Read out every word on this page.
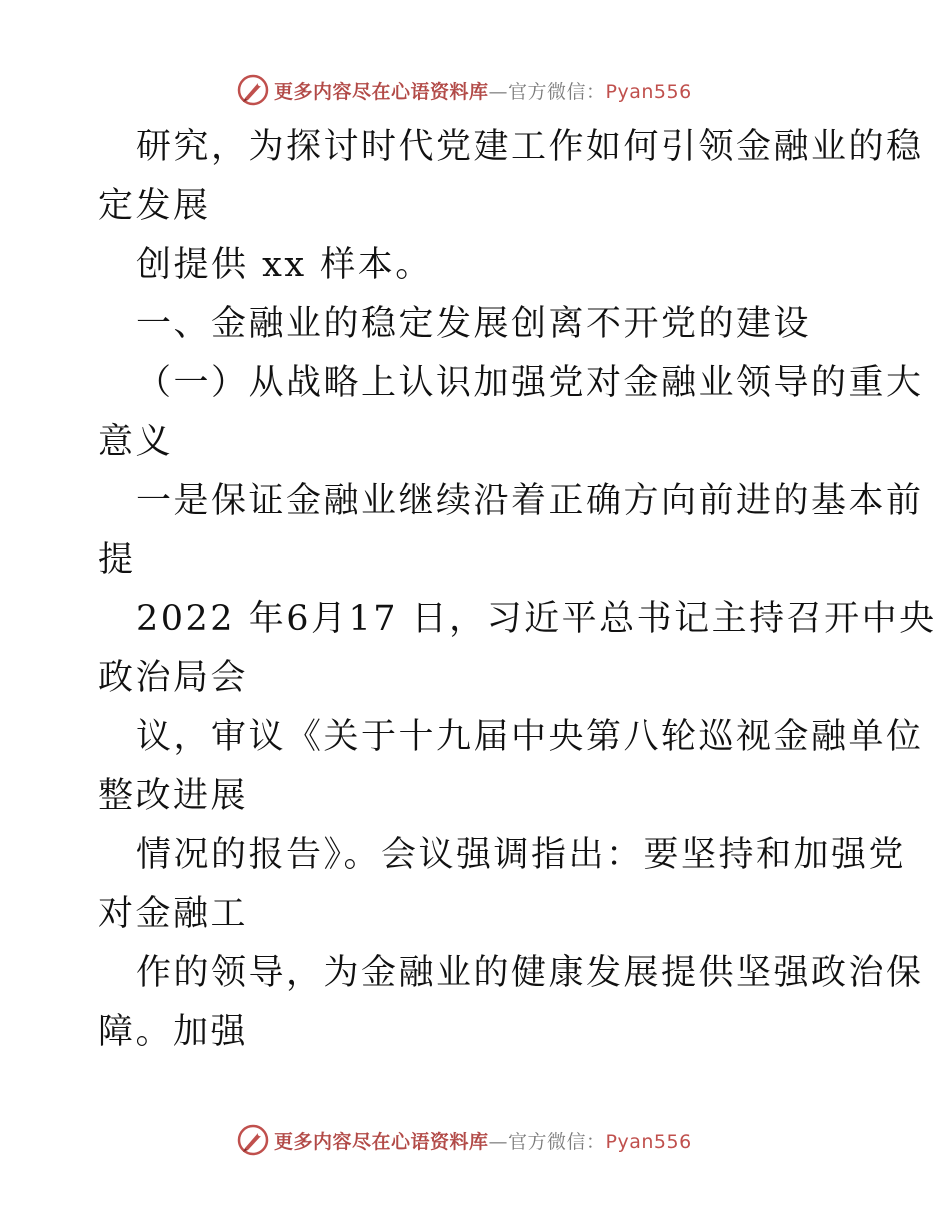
更多内容尽在心语资料库—官方微信：Pyan556
研究，为探讨时代党建工作如何引领金融业的稳
定发展
创提供 xx 样本。
一、金融业的稳定发展创离不开党的建设
（一）从战略上认识加强党对金融业领导的重大
意义
一是保证金融业继续沿着正确方向前进的基本前
提
2022 年6月17 日，习近平总书记主持召开中央
政治局会
议，审议《关于十九届中央第八轮巡视金融单位
整改进展
情况的报告》。会议强调指出：要坚持和加强党
对金融工
作的领导，为金融业的健康发展提供坚强政治保
障。加强
更多内容尽在心语资料库—官方微信：Pyan556
